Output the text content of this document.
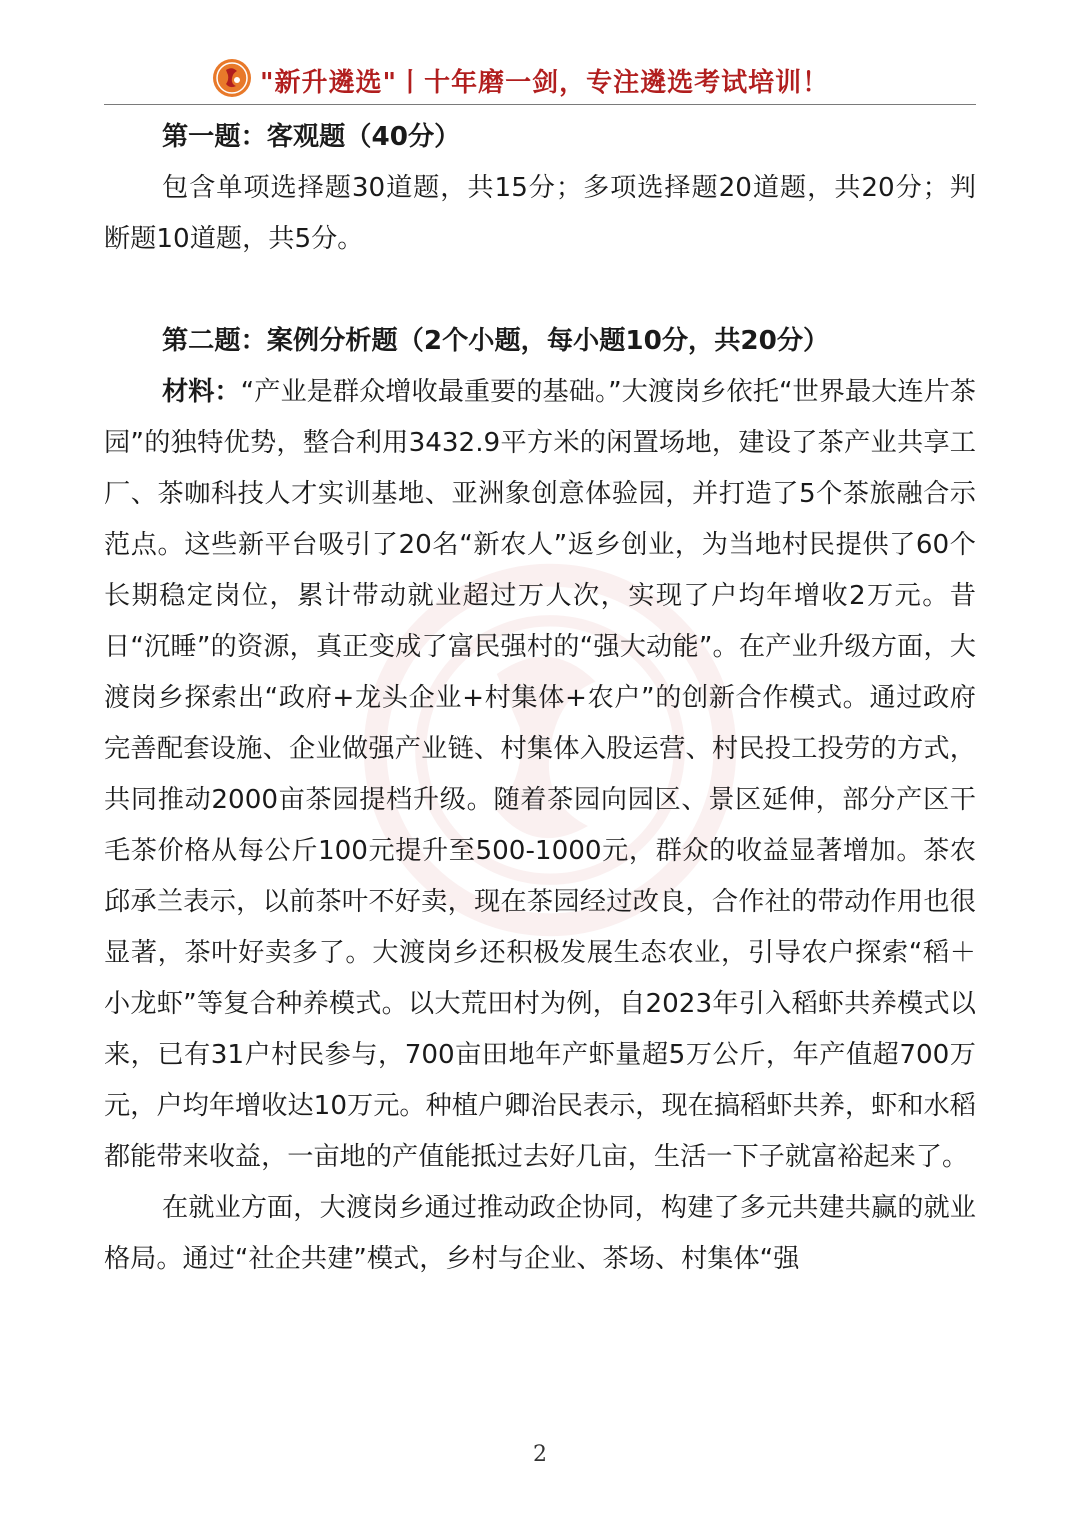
"新升遴选"丨十年磨一剑，专注遴选考试培训！

第一题：客观题（40分）

包含单项选择题30道题，共15分；多项选择题20道题，共20分；判断题10道题，共5分。

第二题：案例分析题（2个小题，每小题10分，共20分）

材料：“产业是群众增收最重要的基础。”大渡岗乡依托“世界最大连片茶园”的独特优势，整合利用3432.9平方米的闲置场地，建设了茶产业共享工厂、茶咖科技人才实训基地、亚洲象创意体验园，并打造了5个茶旅融合示范点。这些新平台吸引了20名“新农人”返乡创业，为当地村民提供了60个长期稳定岗位，累计带动就业超过万人次，实现了户均年增收2万元。昔日“沉睡”的资源，真正变成了富民强村的“强大动能”。在产业升级方面，大渡岗乡探索出“政府+龙头企业+村集体+农户”的创新合作模式。通过政府完善配套设施、企业做强产业链、村集体入股运营、村民投工投劳的方式，共同推动2000亩茶园提档升级。随着茶园向园区、景区延伸，部分产区干毛茶价格从每公斤100元提升至500-1000元，群众的收益显著增加。茶农邱承兰表示，以前茶叶不好卖，现在茶园经过改良，合作社的带动作用也很显著，茶叶好卖多了。大渡岗乡还积极发展生态农业，引导农户探索“稻＋小龙虾”等复合种养模式。以大荒田村为例，自2023年引入稻虾共养模式以来，已有31户村民参与，700亩田地年产虾量超5万公斤，年产值超700万元，户均年增收达10万元。种植户卿治民表示，现在搞稻虾共养，虾和水稻都能带来收益，一亩地的产值能抵过去好几亩，生活一下子就富裕起来了。

在就业方面，大渡岗乡通过推动政企协同，构建了多元共建共赢的就业格局。通过“社企共建”模式，乡村与企业、茶场、村集体“强

2
